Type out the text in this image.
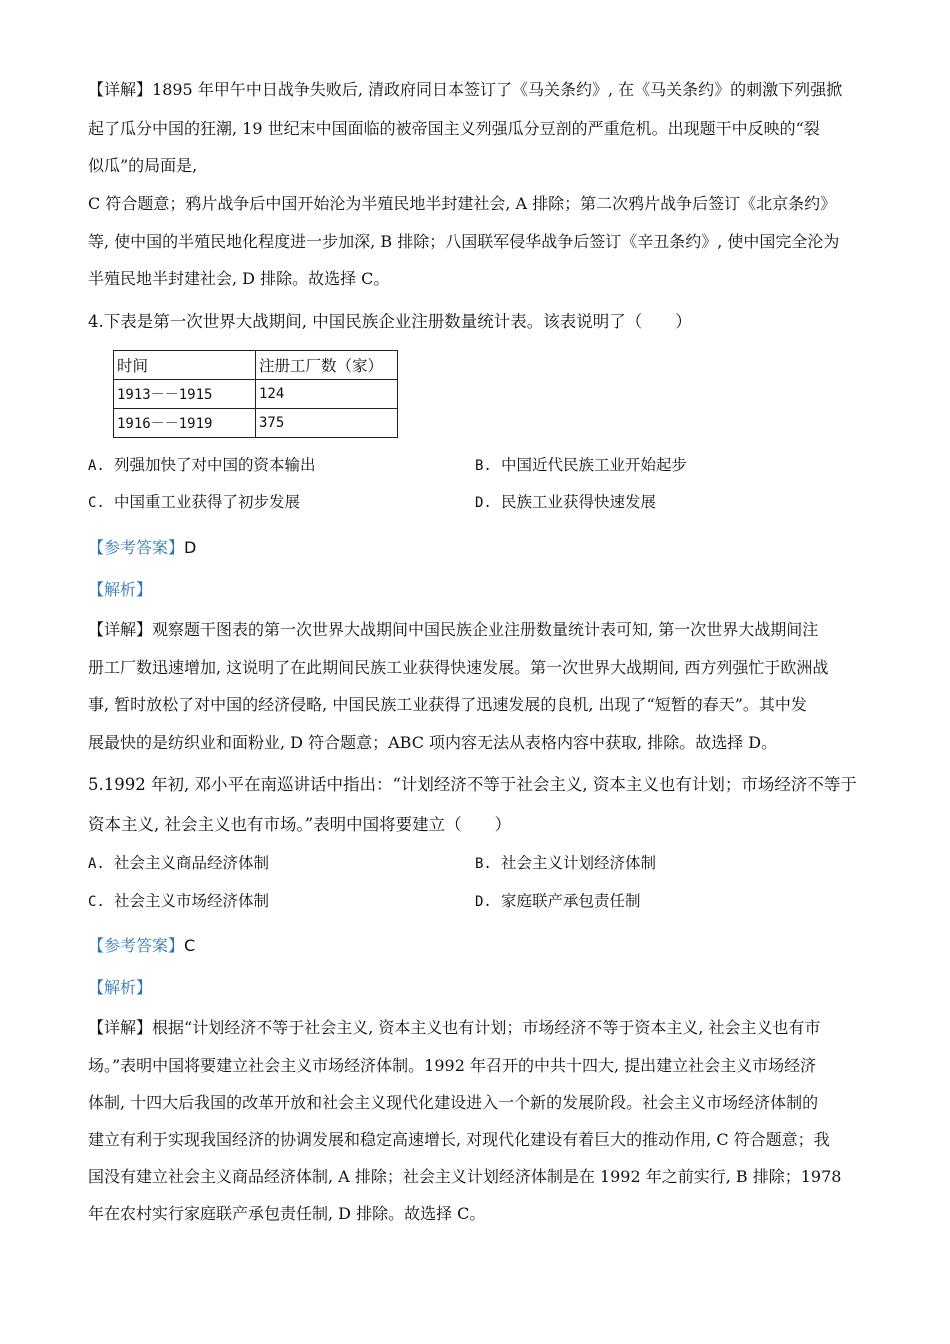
【详解】1895 年甲午中日战争失败后, 清政府同日本签订了《马关条约》, 在《马关条约》的刺激下列强掀
起了瓜分中国的狂潮, 19 世纪末中国面临的被帝国主义列强瓜分豆剖的严重危机。出现题干中反映的“裂
似瓜”的局面是,
C 符合题意；鸦片战争后中国开始沦为半殖民地半封建社会, A 排除；第二次鸦片战争后签订《北京条约》
等, 使中国的半殖民地化程度进一步加深, B 排除；八国联军侵华战争后签订《辛丑条约》, 使中国完全沦为
半殖民地半封建社会, D 排除。故选择 C。
4.下表是第一次世界大战期间, 中国民族企业注册数量统计表。该表说明了（　　）
时间	注册工厂数（家）
1913－－1915	124
1916－－1919	375
A. 列强加快了对中国的资本输出	B. 中国近代民族工业开始起步
C. 中国重工业获得了初步发展	D. 民族工业获得快速发展
【参考答案】D
【解析】
【详解】观察题干图表的第一次世界大战期间中国民族企业注册数量统计表可知, 第一次世界大战期间注
册工厂数迅速增加, 这说明了在此期间民族工业获得快速发展。第一次世界大战期间, 西方列强忙于欧洲战
事, 暂时放松了对中国的经济侵略, 中国民族工业获得了迅速发展的良机, 出现了“短暂的春天”。其中发
展最快的是纺织业和面粉业, D 符合题意；ABC 项内容无法从表格内容中获取, 排除。故选择 D。
5.1992 年初, 邓小平在南巡讲话中指出：“计划经济不等于社会主义, 资本主义也有计划；市场经济不等于
资本主义, 社会主义也有市场。”表明中国将要建立（　　）
A. 社会主义商品经济体制	B. 社会主义计划经济体制
C. 社会主义市场经济体制	D. 家庭联产承包责任制
【参考答案】C
【解析】
【详解】根据“计划经济不等于社会主义, 资本主义也有计划；市场经济不等于资本主义, 社会主义也有市
场。”表明中国将要建立社会主义市场经济体制。1992 年召开的中共十四大, 提出建立社会主义市场经济
体制, 十四大后我国的改革开放和社会主义现代化建设进入一个新的发展阶段。社会主义市场经济体制的
建立有利于实现我国经济的协调发展和稳定高速增长, 对现代化建设有着巨大的推动作用, C 符合题意；我
国没有建立社会主义商品经济体制, A 排除；社会主义计划经济体制是在 1992 年之前实行, B 排除；1978
年在农村实行家庭联产承包责任制, D 排除。故选择 C。
